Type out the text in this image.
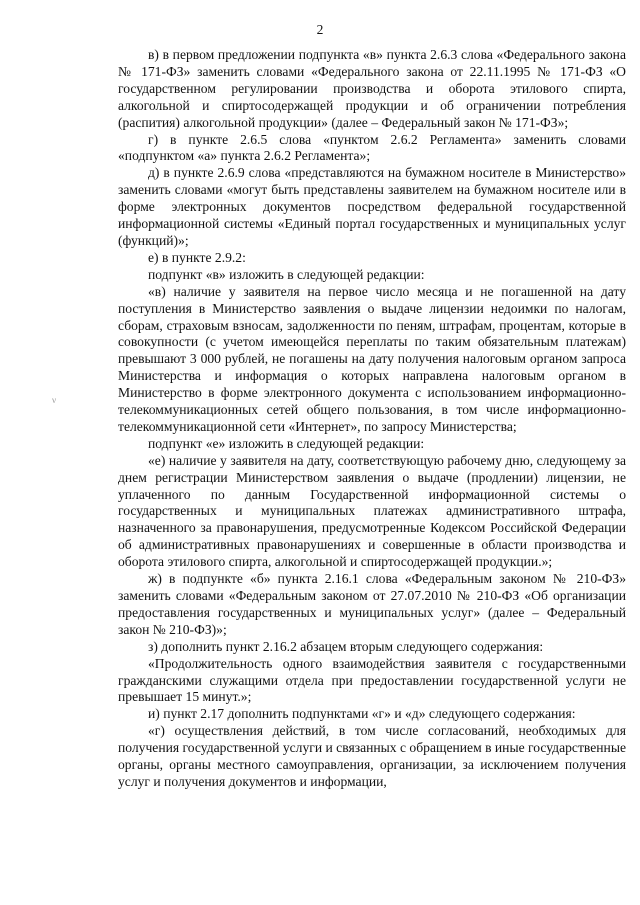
2
ν

в) в первом предложении подпункта «в» пункта 2.6.3 слова «Федерального закона № 171-ФЗ» заменить словами «Федерального закона от 22.11.1995 № 171-ФЗ «О государственном регулировании производства и оборота этилового спирта, алкогольной и спиртосодержащей продукции и об ограничении потребления (распития) алкогольной продукции» (далее – Федеральный закон № 171-ФЗ»;

г) в пункте 2.6.5 слова «пунктом 2.6.2 Регламента» заменить словами «подпунктом «а» пункта 2.6.2 Регламента»;

д) в пункте 2.6.9 слова «представляются на бумажном носителе в Министерство» заменить словами «могут быть представлены заявителем на бумажном носителе или в форме электронных документов посредством федеральной государственной информационной системы «Единый портал государственных и муниципальных услуг (функций)»;

е) в пункте 2.9.2:

подпункт «в» изложить в следующей редакции:

«в) наличие у заявителя на первое число месяца и не погашенной на дату поступления в Министерство заявления о выдаче лицензии недоимки по налогам, сборам, страховым взносам, задолженности по пеням, штрафам, процентам, которые в совокупности (с учетом имеющейся переплаты по таким обязательным платежам) превышают 3 000 рублей, не погашены на дату получения налоговым органом запроса Министерства и информация о которых направлена налоговым органом в Министерство в форме электронного документа с использованием информационно-телекоммуникационных сетей общего пользования, в том числе информационно-телекоммуникационной сети «Интернет», по запросу Министерства;

подпункт «е» изложить в следующей редакции:

«е) наличие у заявителя на дату, соответствующую рабочему дню, следующему за днем регистрации Министерством заявления о выдаче (продлении) лицензии, не уплаченного по данным Государственной информационной системы о государственных и муниципальных платежах административного штрафа, назначенного за правонарушения, предусмотренные Кодексом Российской Федерации об административных правонарушениях и совершенные в области производства и оборота этилового спирта, алкогольной и спиртосодержащей продукции.»;

ж) в подпункте «б» пункта 2.16.1 слова «Федеральным законом № 210-ФЗ» заменить словами «Федеральным законом от 27.07.2010 № 210-ФЗ «Об организации предоставления государственных и муниципальных услуг» (далее – Федеральный закон № 210-ФЗ)»;

з) дополнить пункт 2.16.2 абзацем вторым следующего содержания:

«Продолжительность одного взаимодействия заявителя с государственными гражданскими служащими отдела при предоставлении государственной услуги не превышает 15 минут.»;

и) пункт 2.17 дополнить подпунктами «г» и «д» следующего содержания:

«г) осуществления действий, в том числе согласований, необходимых для получения государственной услуги и связанных с обращением в иные государственные органы, органы местного самоуправления, организации, за исключением получения услуг и получения документов и информации,
